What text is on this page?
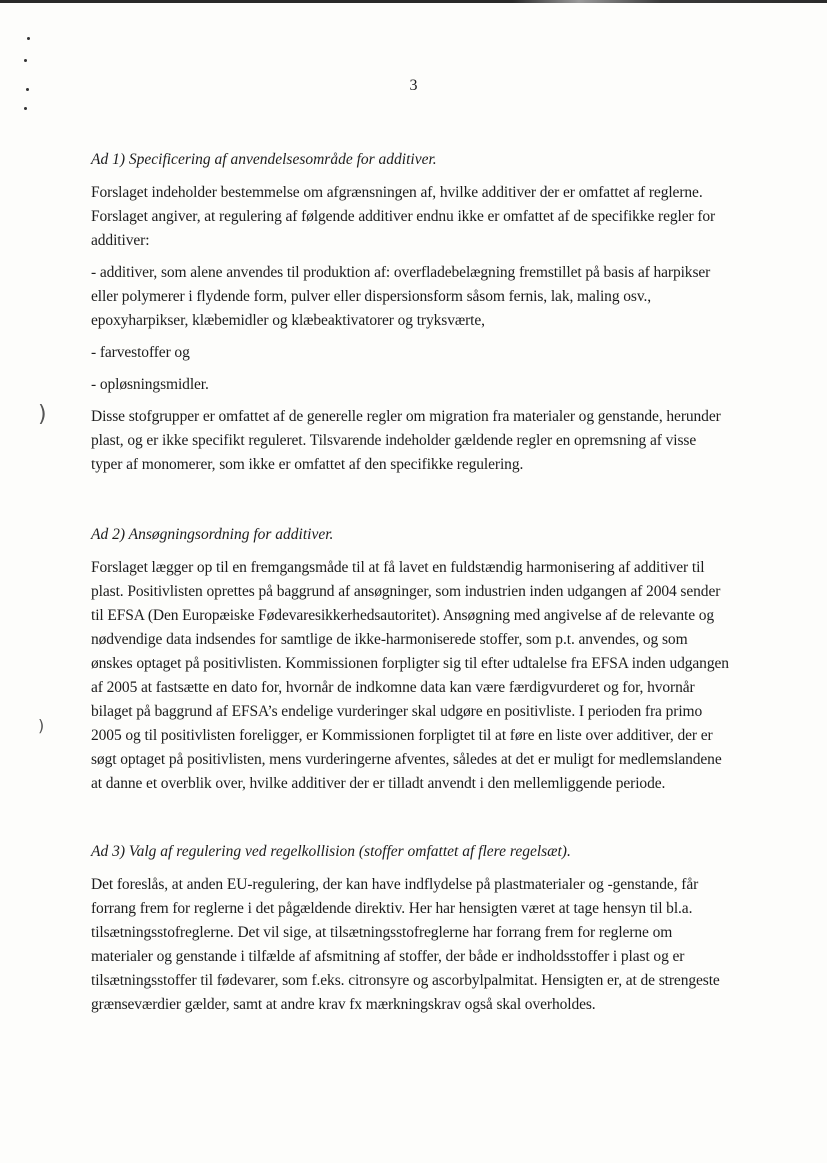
)
)
3
Ad 1) Specificering af anvendelsesområde for additiver.

Forslaget indeholder bestemmelse om afgrænsningen af, hvilke additiver der er omfattet af reglerne. Forslaget angiver, at regulering af følgende additiver endnu ikke er omfattet af de specifikke regler for additiver:

- additiver, som alene anvendes til produktion af: overfladebelægning fremstillet på basis af harpikser eller polymerer i flydende form, pulver eller dispersionsform såsom fernis, lak, maling osv., epoxyharpikser, klæbemidler og klæbeaktivatorer og tryksværte,

- farvestoffer og

- opløsningsmidler.

Disse stofgrupper er omfattet af de generelle regler om migration fra materialer og genstande, herunder plast, og er ikke specifikt reguleret. Tilsvarende indeholder gældende regler en opremsning af visse typer af monomerer, som ikke er omfattet af den specifikke regulering.

Ad 2) Ansøgningsordning for additiver.

Forslaget lægger op til en fremgangsmåde til at få lavet en fuldstændig harmonisering af additiver til plast. Positivlisten oprettes på baggrund af ansøgninger, som industrien inden udgangen af 2004 sender til EFSA (Den Europæiske Fødevaresikkerhedsautoritet). Ansøgning med angivelse af de relevante og nødvendige data indsendes for samtlige de ikke-harmoniserede stoffer, som p.t. anvendes, og som ønskes optaget på positivlisten. Kommissionen forpligter sig til efter udtalelse fra EFSA inden udgangen af 2005 at fastsætte en dato for, hvornår de indkomne data kan være færdigvurderet og for, hvornår bilaget på baggrund af EFSA’s endelige vurderinger skal udgøre en positivliste. I perioden fra primo 2005 og til positivlisten foreligger, er Kommissionen forpligtet til at føre en liste over additiver, der er søgt optaget på positivlisten, mens vurderingerne afventes, således at det er muligt for medlemslandene at danne et overblik over, hvilke additiver der er tilladt anvendt i den mellemliggende periode.

Ad 3) Valg af regulering ved regelkollision (stoffer omfattet af flere regelsæt).

Det foreslås, at anden EU-regulering, der kan have indflydelse på plastmaterialer og -genstande, får forrang frem for reglerne i det pågældende direktiv. Her har hensigten været at tage hensyn til bl.a. tilsætningsstofreglerne. Det vil sige, at tilsætningsstofreglerne har forrang frem for reglerne om materialer og genstande i tilfælde af afsmitning af stoffer, der både er indholdsstoffer i plast og er tilsætningsstoffer til fødevarer, som f.eks. citronsyre og ascorbylpalmitat. Hensigten er, at de strengeste grænseværdier gælder, samt at andre krav fx mærkningskrav også skal overholdes.
